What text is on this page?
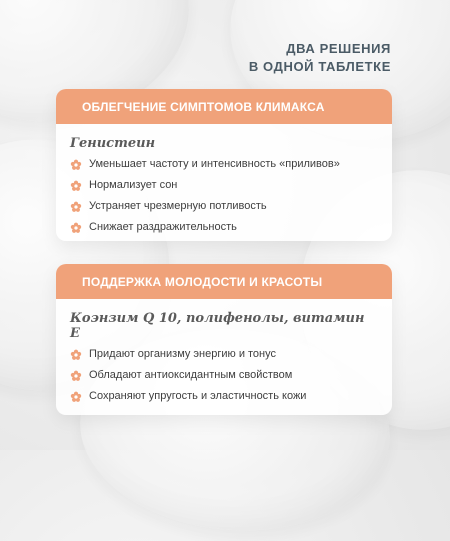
ДВА РЕШЕНИЯ
В ОДНОЙ ТАБЛЕТКЕ
ОБЛЕГЧЕНИЕ СИМПТОМОВ КЛИМАКСА
Генистеин
Уменьшает частоту и интенсивность «приливов»
Нормализует сон
Устраняет чрезмерную потливость
Снижает раздражительность
ПОДДЕРЖКА МОЛОДОСТИ И КРАСОТЫ
Коэнзим Q 10, полифенолы, витамин Е
Придают организму энергию и тонус
Обладают антиоксидантным свойством
Сохраняют упругость и эластичность кожи
